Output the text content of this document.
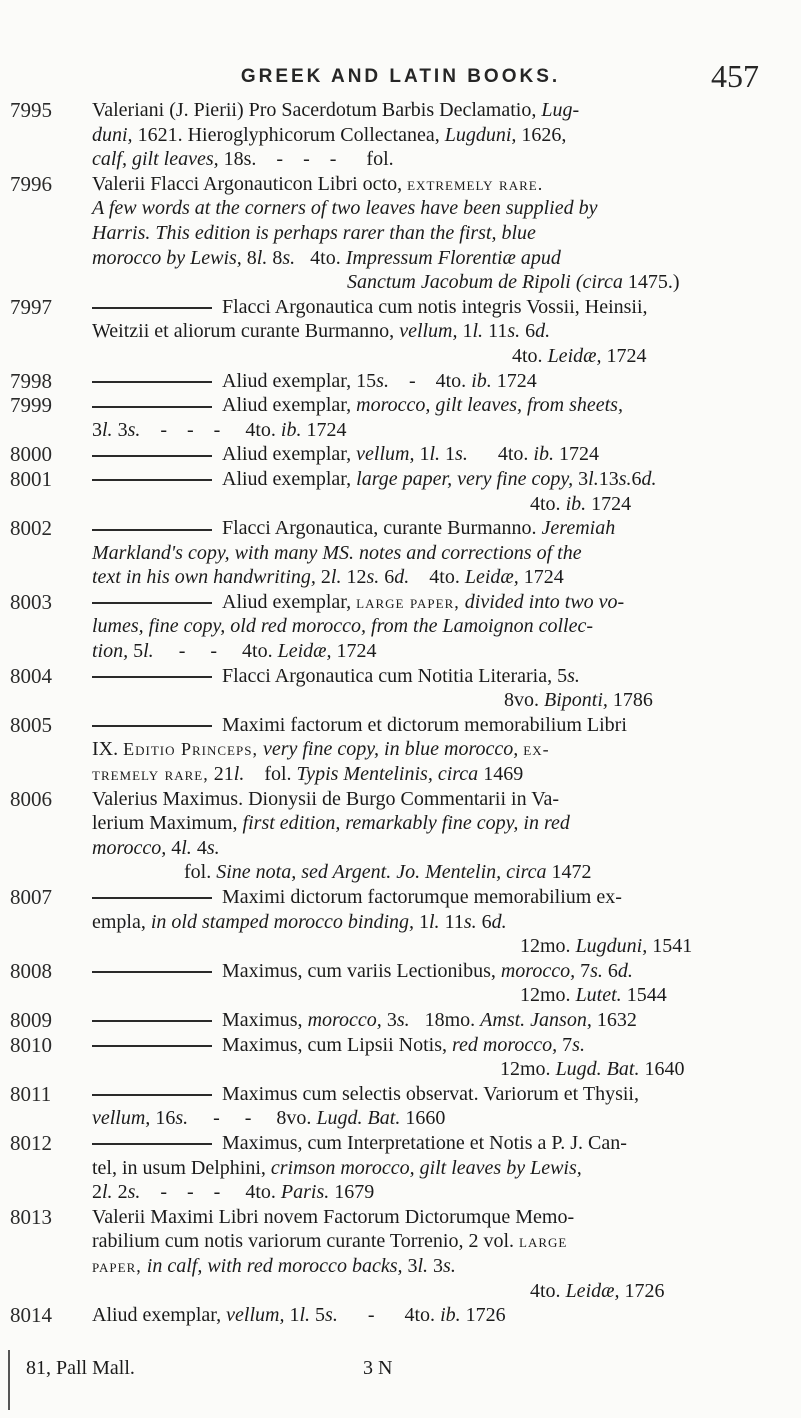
GREEK AND LATIN BOOKS.	457
7995 Valeriani (J. Pierii) Pro Sacerdotum Barbis Declamatio, Lug-
duni, 1621. Hieroglyphicorum Collectanea, Lugduni, 1626,
calf, gilt leaves, 18s.    -    -    -      fol.
7996 Valerii Flacci Argonauticon Libri octo, extremely rare.
A few words at the corners of two leaves have been supplied by
Harris. This edition is perhaps rarer than the first, blue
morocco by Lewis, 8l. 8s.   4to. Impressum Florentiæ apud
Sanctum Jacobum de Ripoli (circa 1475.)
7997	Flacci Argonautica cum notis integris Vossii, Heinsii,
Weitzii et aliorum curante Burmanno, vellum, 1l. 11s. 6d.
4to. Leidæ, 1724
7998	Aliud exemplar, 15s.    -    4to. ib. 1724
7999	Aliud exemplar, morocco, gilt leaves, from sheets,
3l. 3s.    -    -    -     4to. ib. 1724
8000	Aliud exemplar, vellum, 1l. 1s.      4to. ib. 1724
8001	Aliud exemplar, large paper, very fine copy, 3l.13s.6d.
4to. ib. 1724
8002	Flacci Argonautica, curante Burmanno. Jeremiah
Markland's copy, with many MS. notes and corrections of the
text in his own handwriting, 2l. 12s. 6d.    4to. Leidæ, 1724
8003	Aliud exemplar, large paper, divided into two vo-
lumes, fine copy, old red morocco, from the Lamoignon collec-
tion, 5l.     -     -     4to. Leidæ, 1724
8004	Flacci Argonautica cum Notitia Literaria, 5s.
8vo. Biponti, 1786
8005	Maximi factorum et dictorum memorabilium Libri
IX. Editio Princeps, very fine copy, in blue morocco, ex-
tremely rare, 21l.    fol. Typis Mentelinis, circa 1469
8006 Valerius Maximus. Dionysii de Burgo Commentarii in Va-
lerium Maximum, first edition, remarkably fine copy, in red
morocco, 4l. 4s.
fol. Sine nota, sed Argent. Jo. Mentelin, circa 1472
8007	Maximi dictorum factorumque memorabilium ex-
empla, in old stamped morocco binding, 1l. 11s. 6d.
12mo. Lugduni, 1541
8008	Maximus, cum variis Lectionibus, morocco, 7s. 6d.
12mo. Lutet. 1544
8009	Maximus, morocco, 3s.   18mo. Amst. Janson, 1632
8010	Maximus, cum Lipsii Notis, red morocco, 7s.
12mo. Lugd. Bat. 1640
8011	Maximus cum selectis observat. Variorum et Thysii,
vellum, 16s.     -     -     8vo. Lugd. Bat. 1660
8012	Maximus, cum Interpretatione et Notis a P. J. Can-
tel, in usum Delphini, crimson morocco, gilt leaves by Lewis,
2l. 2s.    -    -    -     4to. Paris. 1679
8013 Valerii Maximi Libri novem Factorum Dictorumque Memo-
rabilium cum notis variorum curante Torrenio, 2 vol. large
paper, in calf, with red morocco backs, 3l. 3s.
4to. Leidæ, 1726
8014 Aliud exemplar, vellum, 1l. 5s.      -      4to. ib. 1726
81, Pall Mall.	3 N
